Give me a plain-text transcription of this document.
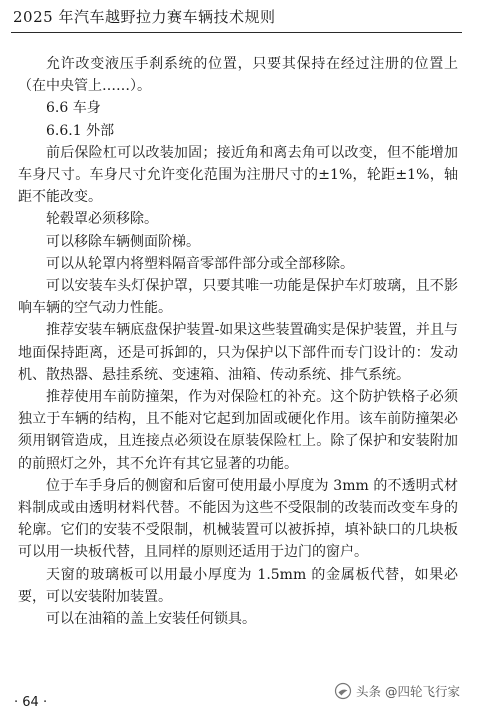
2025 年汽车越野拉力赛车辆技术规则

允许改变液压手刹系统的位置，只要其保持在经过注册的位置上（在中央管上……）。

6.6 车身

6.6.1 外部

前后保险杠可以改装加固；接近角和离去角可以改变，但不能增加车身尺寸。车身尺寸允许变化范围为注册尺寸的±1%，轮距±1%，轴距不能改变。

轮毂罩必须移除。

可以移除车辆侧面阶梯。

可以从轮罩内将塑料隔音零部件部分或全部移除。

可以安装车头灯保护罩，只要其唯一功能是保护车灯玻璃，且不影响车辆的空气动力性能。

推荐安装车辆底盘保护装置-如果这些装置确实是保护装置，并且与地面保持距离，还是可拆卸的，只为保护以下部件而专门设计的：发动机、散热器、悬挂系统、变速箱、油箱、传动系统、排气系统。

推荐使用车前防撞架，作为对保险杠的补充。这个防护铁格子必须独立于车辆的结构，且不能对它起到加固或硬化作用。该车前防撞架必须用钢管造成，且连接点必须设在原装保险杠上。除了保护和安装附加的前照灯之外，其不允许有其它显著的功能。

位于车手身后的侧窗和后窗可使用最小厚度为 3mm 的不透明式材料制成或由透明材料代替。不能因为这些不受限制的改装而改变车身的轮廓。它们的安装不受限制，机械装置可以被拆掉，填补缺口的几块板可以用一块板代替，且同样的原则还适用于边门的窗户。

天窗的玻璃板可以用最小厚度为 1.5mm 的金属板代替，如果必要，可以安装附加装置。

可以在油箱的盖上安装任何锁具。

· 64 ·
头条 @四轮飞行家
